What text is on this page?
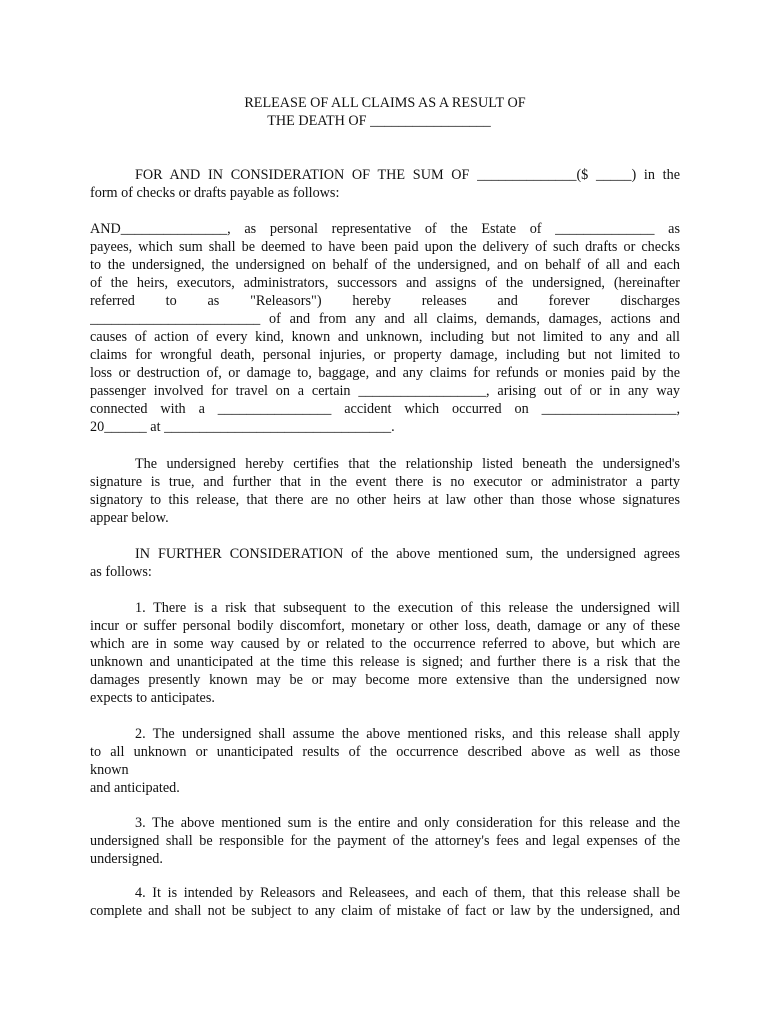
RELEASE OF ALL CLAIMS AS A RESULT OF
THE DEATH OF _________________
FOR AND IN CONSIDERATION OF THE SUM OF ______________($ _____) in the
form of checks or drafts payable as follows:
AND_______________, as personal representative of the Estate of ______________ as
payees, which sum shall be deemed to have been paid upon the delivery of such drafts or checks
to the undersigned, the undersigned on behalf of the undersigned, and on behalf of all and each
of the heirs, executors, administrators, successors and assigns of the undersigned, (hereinafter
referred to as "Releasors") hereby releases and forever discharges
________________________ of and from any and all claims, demands, damages, actions and
causes of action of every kind, known and unknown, including but not limited to any and all
claims for wrongful death, personal injuries, or property damage, including but not limited to
loss or destruction of, or damage to, baggage, and any claims for refunds or monies paid by the
passenger involved for travel on a certain __________________, arising out of or in any way
connected with a ________________ accident which occurred on ___________________,
20______ at ________________________________.
The undersigned hereby certifies that the relationship listed beneath the undersigned's
signature is true, and further that in the event there is no executor or administrator a party
signatory to this release, that there are no other heirs at law other than those whose signatures
appear below.
IN FURTHER CONSIDERATION of the above mentioned sum, the undersigned agrees
as follows:
1. There is a risk that subsequent to the execution of this release the undersigned will
incur or suffer personal bodily discomfort, monetary or other loss, death, damage or any of these
which are in some way caused by or related to the occurrence referred to above, but which are
unknown and unanticipated at the time this release is signed; and further there is a risk that the
damages presently known may be or may become more extensive than the undersigned now
expects to anticipates.
2. The undersigned shall assume the above mentioned risks, and this release shall apply
to all unknown or unanticipated results of the occurrence described above as well as those
known
and anticipated.
3. The above mentioned sum is the entire and only consideration for this release and the
undersigned shall be responsible for the payment of the attorney's fees and legal expenses of the
undersigned.
4. It is intended by Releasors and Releasees, and each of them, that this release shall be
complete and shall not be subject to any claim of mistake of fact or law by the undersigned, and
